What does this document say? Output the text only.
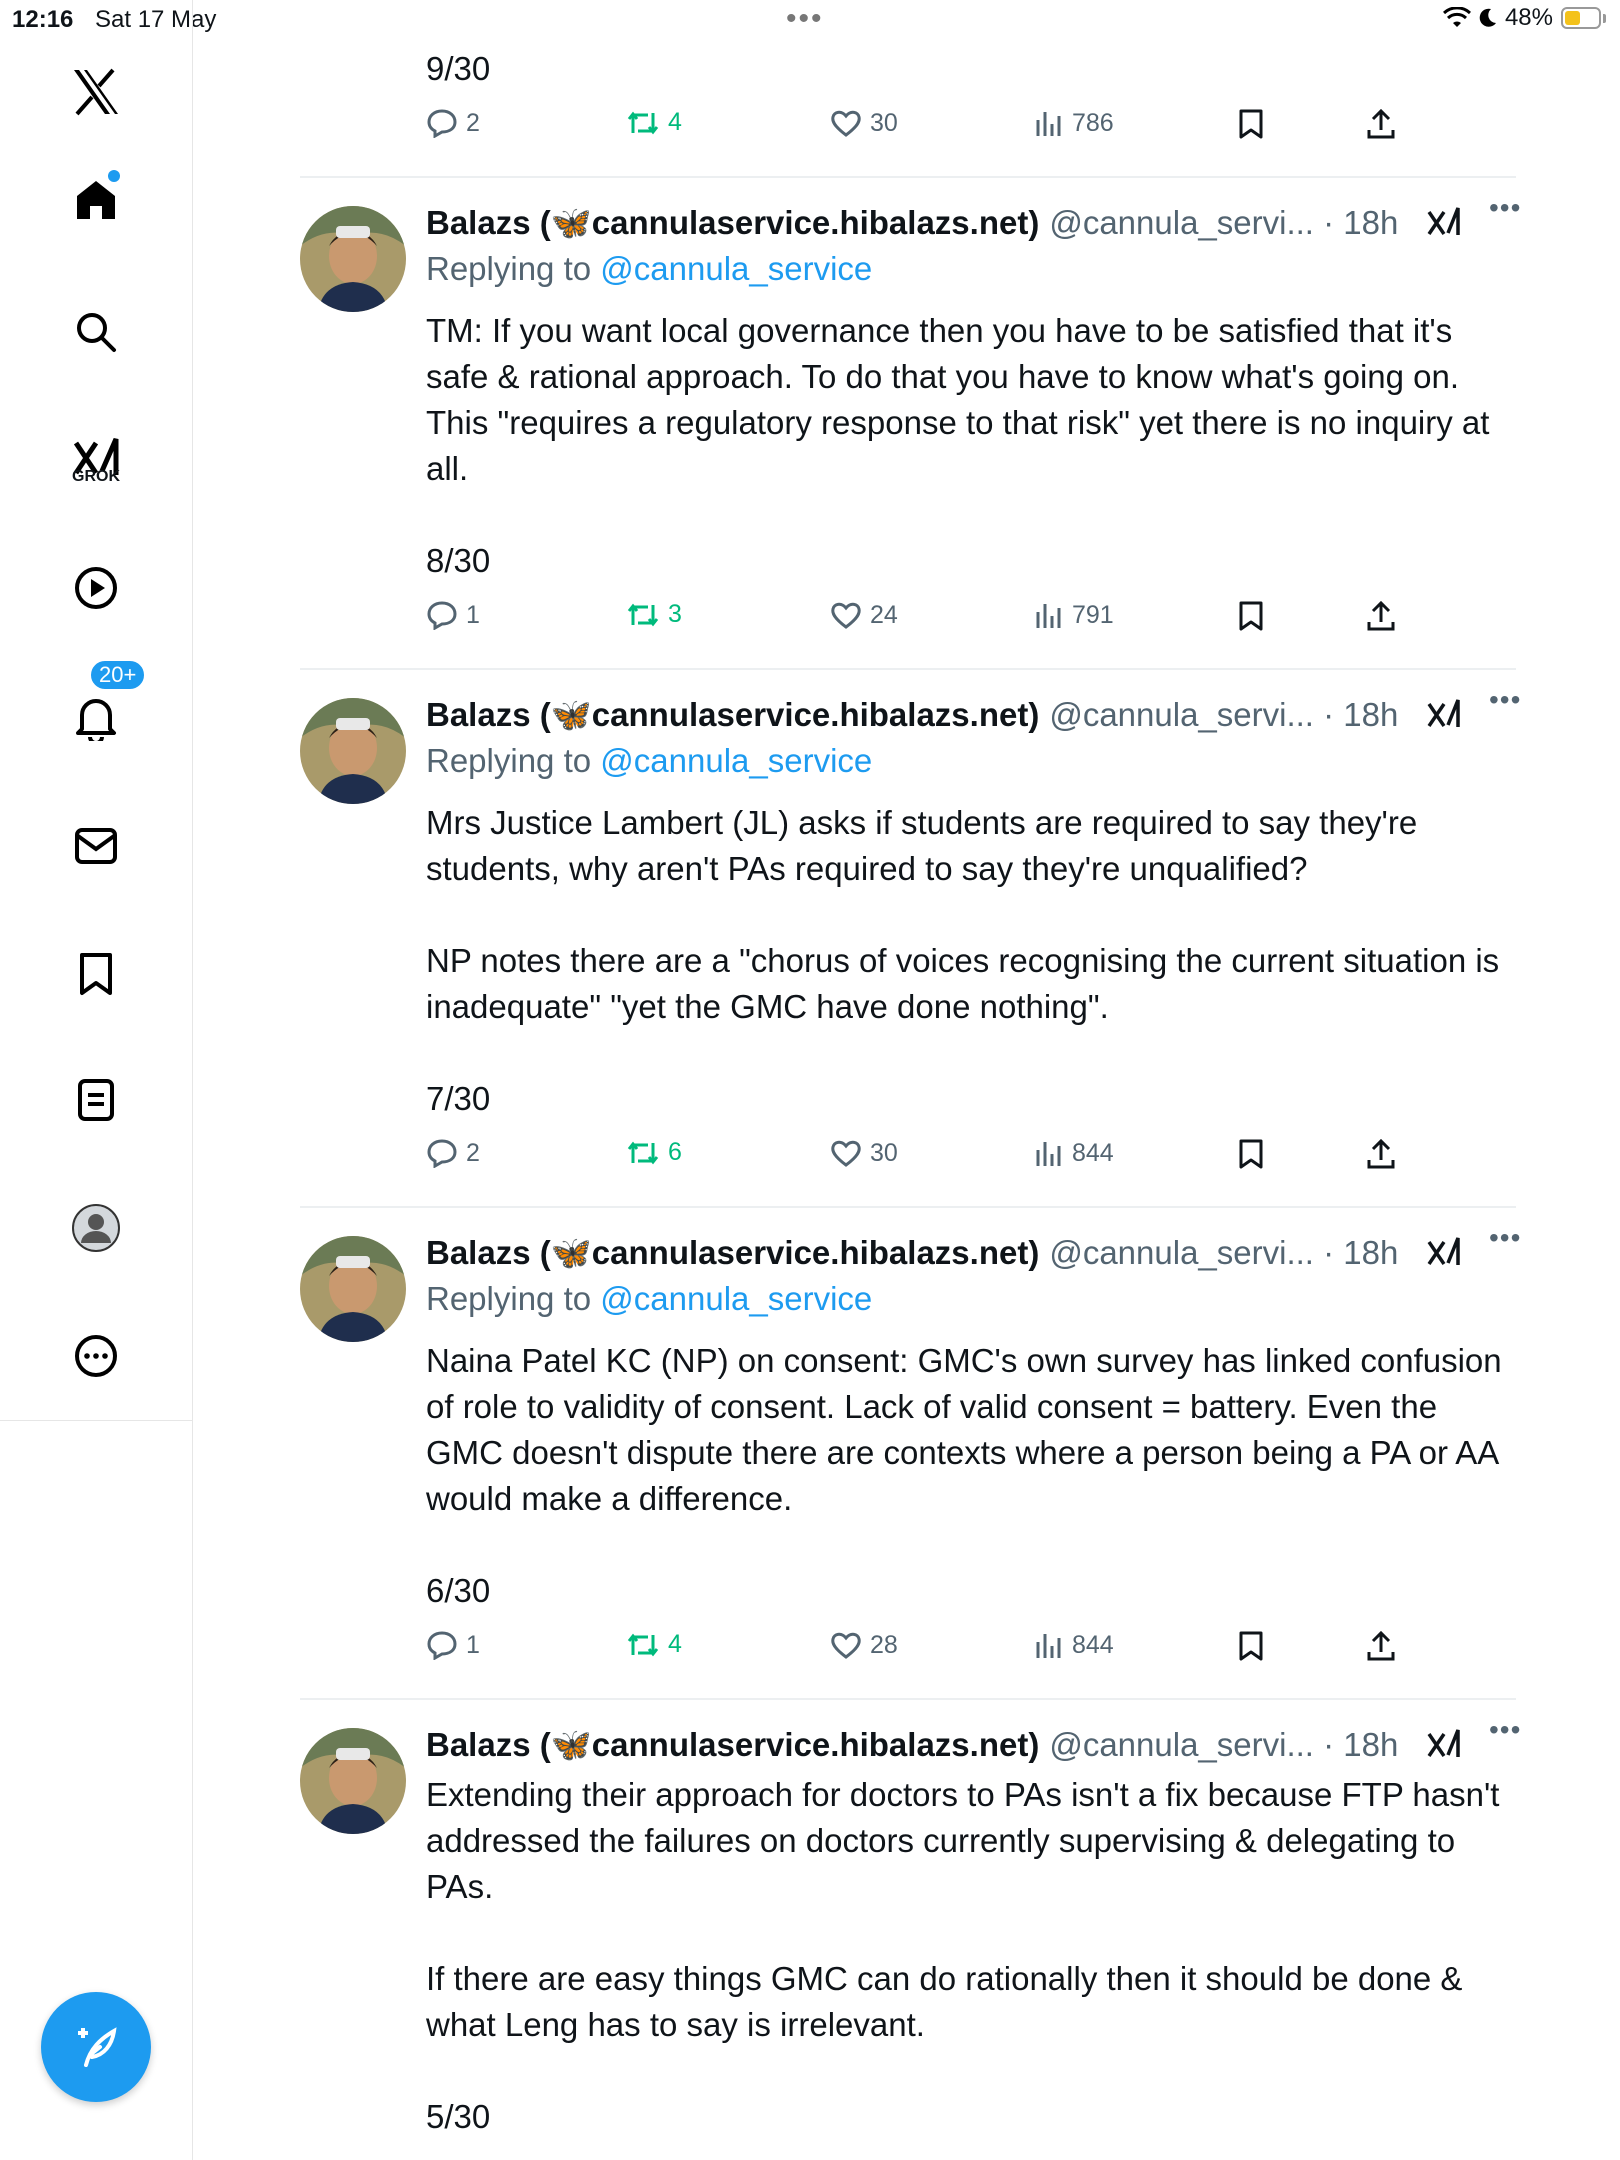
12:16 Sat 17 May	•••	48%
GROK
20+
9/30
2	4	30	786
Balazs (🦋cannulaservice.hibalazs.net) @cannula_servi... · 18h	•••
Replying to @cannula_service
TM: If you want local governance then you have to be satisfied that it's safe & rational approach. To do that you have to know what's going on. This "requires a regulatory response to that risk" yet there is no inquiry at all.
8/30
1	3	24	791
Balazs (🦋cannulaservice.hibalazs.net) @cannula_servi... · 18h	•••
Replying to @cannula_service
Mrs Justice Lambert (JL) asks if students are required to say they're students, why aren't PAs required to say they're unqualified?

NP notes there are a "chorus of voices recognising the current situation is inadequate" "yet the GMC have done nothing".
7/30
2	6	30	844
Balazs (🦋cannulaservice.hibalazs.net) @cannula_servi... · 18h	•••
Replying to @cannula_service
Naina Patel KC (NP) on consent: GMC's own survey has linked confusion of role to validity of consent. Lack of valid consent = battery. Even the GMC doesn't dispute there are contexts where a person being a PA or AA would make a difference.
6/30
1	4	28	844
Balazs (🦋cannulaservice.hibalazs.net) @cannula_servi... · 18h	•••
Extending their approach for doctors to PAs isn't a fix because FTP hasn't addressed the failures on doctors currently supervising & delegating to PAs.

If there are easy things GMC can do rationally then it should be done & what Leng has to say is irrelevant.
5/30
